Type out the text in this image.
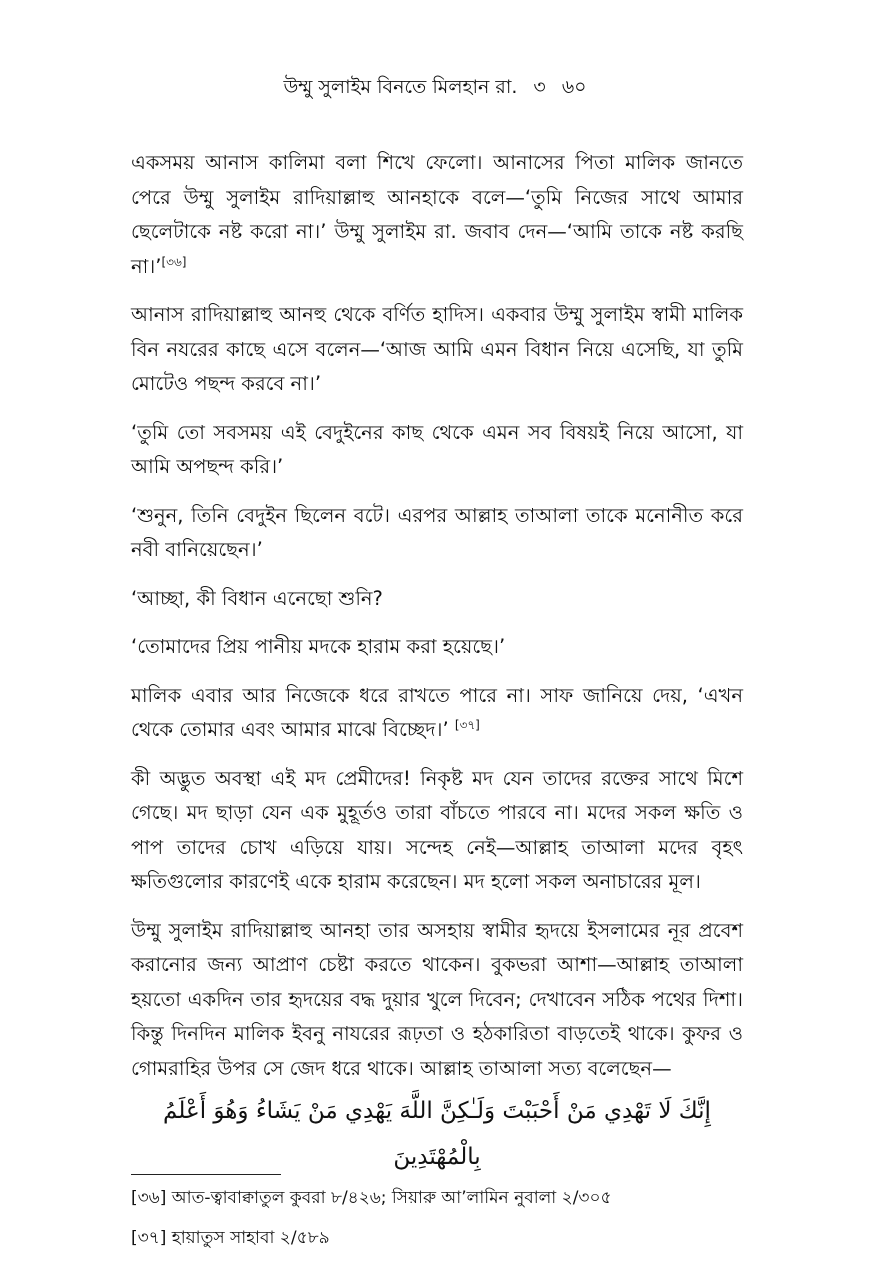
উম্মু সুলাইম বিনতে মিলহান রা. ৩ ৬০

একসময় আনাস কালিমা বলা শিখে ফেলো। আনাসের পিতা মালিক জানতে পেরে উম্মু সুলাইম রাদিয়াল্লাহু আনহাকে বলে—‘তুমি নিজের সাথে আমার ছেলেটাকে নষ্ট করো না।’ উম্মু সুলাইম রা. জবাব দেন—‘আমি তাকে নষ্ট করছি না।’[৩৬]

আনাস রাদিয়াল্লাহু আনহু থেকে বর্ণিত হাদিস। একবার উম্মু সুলাইম স্বামী মালিক বিন নযরের কাছে এসে বলেন—‘আজ আমি এমন বিধান নিয়ে এসেছি, যা তুমি মোটেও পছন্দ করবে না।’

‘তুমি তো সবসময় এই বেদুইনের কাছ থেকে এমন সব বিষয়ই নিয়ে আসো, যা আমি অপছন্দ করি।’

‘শুনুন, তিনি বেদুইন ছিলেন বটে। এরপর আল্লাহ তাআলা তাকে মনোনীত করে নবী বানিয়েছেন।’

‘আচ্ছা, কী বিধান এনেছো শুনি?

‘তোমাদের প্রিয় পানীয় মদকে হারাম করা হয়েছে।’

মালিক এবার আর নিজেকে ধরে রাখতে পারে না। সাফ জানিয়ে দেয়, ‘এখন থেকে তোমার এবং আমার মাঝে বিচ্ছেদ।’ [৩৭]

কী অদ্ভুত অবস্থা এই মদ প্রেমীদের! নিকৃষ্ট মদ যেন তাদের রক্তের সাথে মিশে গেছে। মদ ছাড়া যেন এক মুহূর্তও তারা বাঁচতে পারবে না। মদের সকল ক্ষতি ও পাপ তাদের চোখ এড়িয়ে যায়। সন্দেহ নেই—আল্লাহ তাআলা মদের বৃহৎ ক্ষতিগুলোর কারণেই একে হারাম করেছেন। মদ হলো সকল অনাচারের মূল।

উম্মু সুলাইম রাদিয়াল্লাহু আনহা তার অসহায় স্বামীর হৃদয়ে ইসলামের নূর প্রবেশ করানোর জন্য আপ্রাণ চেষ্টা করতে থাকেন। বুকভরা আশা—আল্লাহ তাআলা হয়তো একদিন তার হৃদয়ের বদ্ধ দুয়ার খুলে দিবেন; দেখাবেন সঠিক পথের দিশা। কিন্তু দিনদিন মালিক ইবনু নাযরের রূঢ়তা ও হঠকারিতা বাড়তেই থাকে। কুফর ও গোমরাহির উপর সে জেদ ধরে থাকে। আল্লাহ তাআলা সত্য বলেছেন—

إِنَّكَ لَا تَهْدِي مَنْ أَحْبَبْتَ وَلَـٰكِنَّ اللَّهَ يَهْدِي مَنْ يَشَاءُ وَهُوَ أَعْلَمُ بِالْمُهْتَدِينَ

[৩৬] আত-ত্বাবাক্বাতুল কুবরা ৮/৪২৬; সিয়ারু আ’লামিন নুবালা ২/৩০৫

[৩৭] হায়াতুস সাহাবা ২/৫৮৯
